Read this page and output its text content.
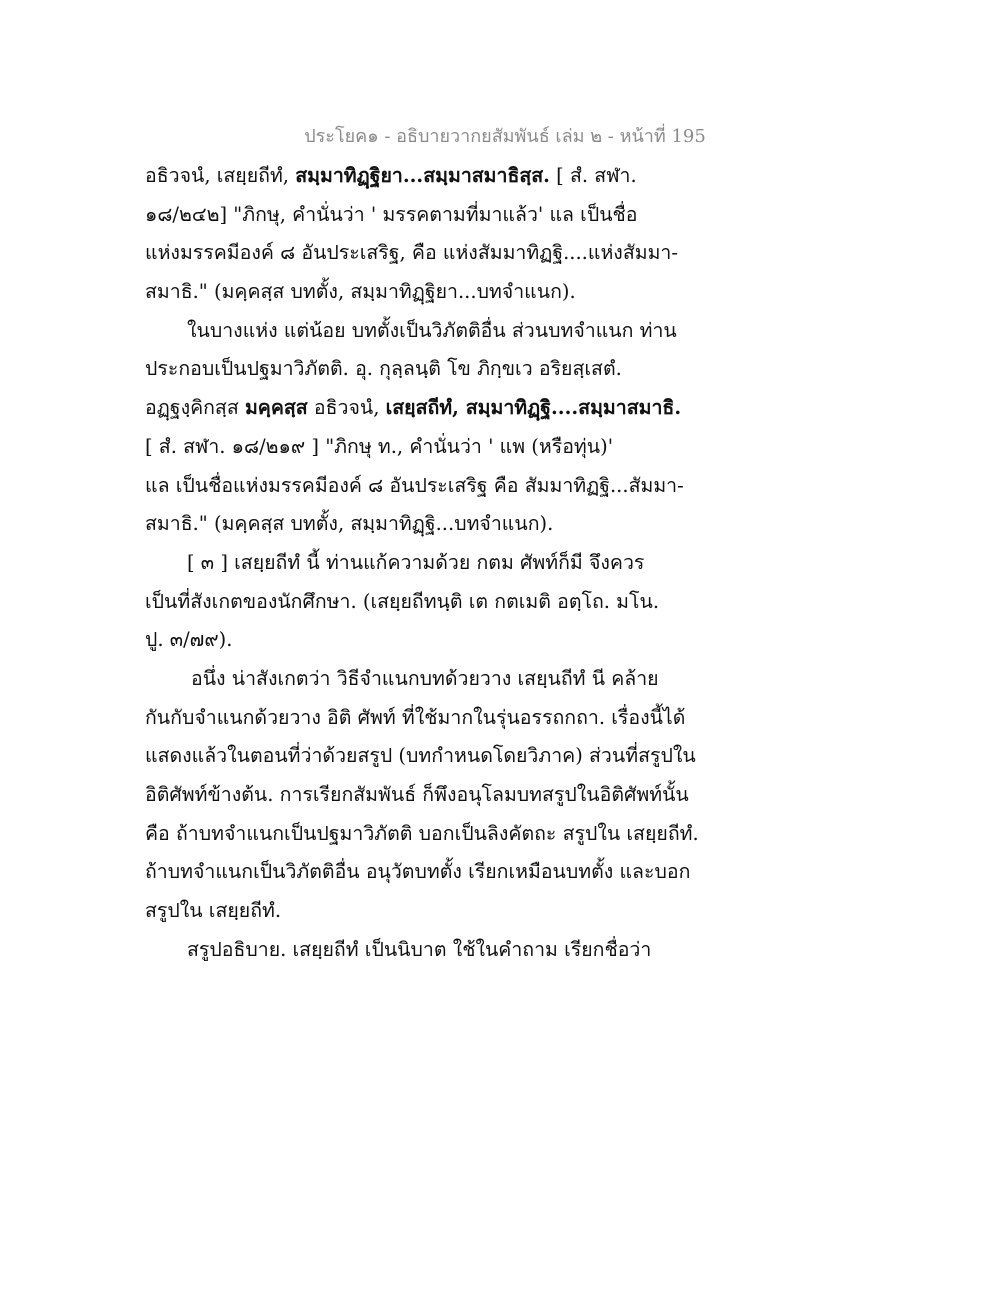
ประโยค๑ - อธิบายวากยสัมพันธ์ เล่ม ๒ - หน้าที่ 195
อธิวจนํ, เสยฺยถีทํ, สมฺมาทิฏฺฐิยา...สมฺมาสมาธิสฺส. [ สํ. สฬา.
๑๘/๒๔๒] "ภิกษุ, คำนั่นว่า ' มรรคตามที่มาแล้ว' แล เป็นชื่อ
แห่งมรรคมีองค์ ๘ อันประเสริฐ, คือ แห่งสัมมาทิฏฐิ....แห่งสัมมา-
สมาธิ." (มคฺคสฺส บทตั้ง, สมฺมาทิฏฺฐิยา...บทจำแนก).
ในบางแห่ง แต่น้อย บทตั้งเป็นวิภัตติอื่น ส่วนบทจำแนก ท่าน
ประกอบเป็นปฐมาวิภัตติ. อุ. กุลฺลนฺติ โข ภิกฺขเว อริยสฺเสตํ.
อฏฺฐงฺคิกสฺส มคฺคสฺส อธิวจนํ, เสยฺสถีทํ, สมฺมาทิฏฺฐิ....สมฺมาสมาธิ.
[ สํ. สฬา. ๑๘/๒๑๙ ] "ภิกษุ ท., คำนั่นว่า ' แพ (หรือทุ่น)'
แล เป็นชื่อแห่งมรรคมีองค์ ๘ อันประเสริฐ คือ สัมมาทิฏฐิ...สัมมา-
สมาธิ." (มคฺคสฺส บทตั้ง, สมฺมาทิฏฺฐิ...บทจำแนก).
[ ๓ ] เสยฺยถีทํ นี้ ท่านแก้ความด้วย กตม ศัพท์ก็มี จึงควร
เป็นที่สังเกตของนักศึกษา. (เสยฺยถีทนฺติ เต กตเมติ อตฺโถ. มโน.
ปู. ๓/๗๙).
อนึ่ง น่าสังเกตว่า วิธีจำแนกบทด้วยวาง เสยฺนถีทํ นี คล้าย
กันกับจำแนกด้วยวาง อิติ ศัพท์ ที่ใช้มากในรุ่นอรรถกถา. เรื่องนี้ได้
แสดงแล้วในตอนที่ว่าด้วยสรูป (บทกำหนดโดยวิภาค) ส่วนที่สรูปใน
อิติศัพท์ข้างต้น. การเรียกสัมพันธ์ ก็พึงอนุโลมบทสรูปในอิติศัพท์นั้น
คือ ถ้าบทจำแนกเป็นปฐมาวิภัตติ บอกเป็นลิงคัตถะ สรูปใน เสยฺยถีทํ.
ถ้าบทจำแนกเป็นวิภัตติอื่น อนุวัตบทตั้ง เรียกเหมือนบทตั้ง และบอก
สรูปใน เสยฺยถีทํ.
สรูปอธิบาย. เสยฺยถีทํ เป็นนิบาต ใช้ในคำถาม เรียกชื่อว่า
